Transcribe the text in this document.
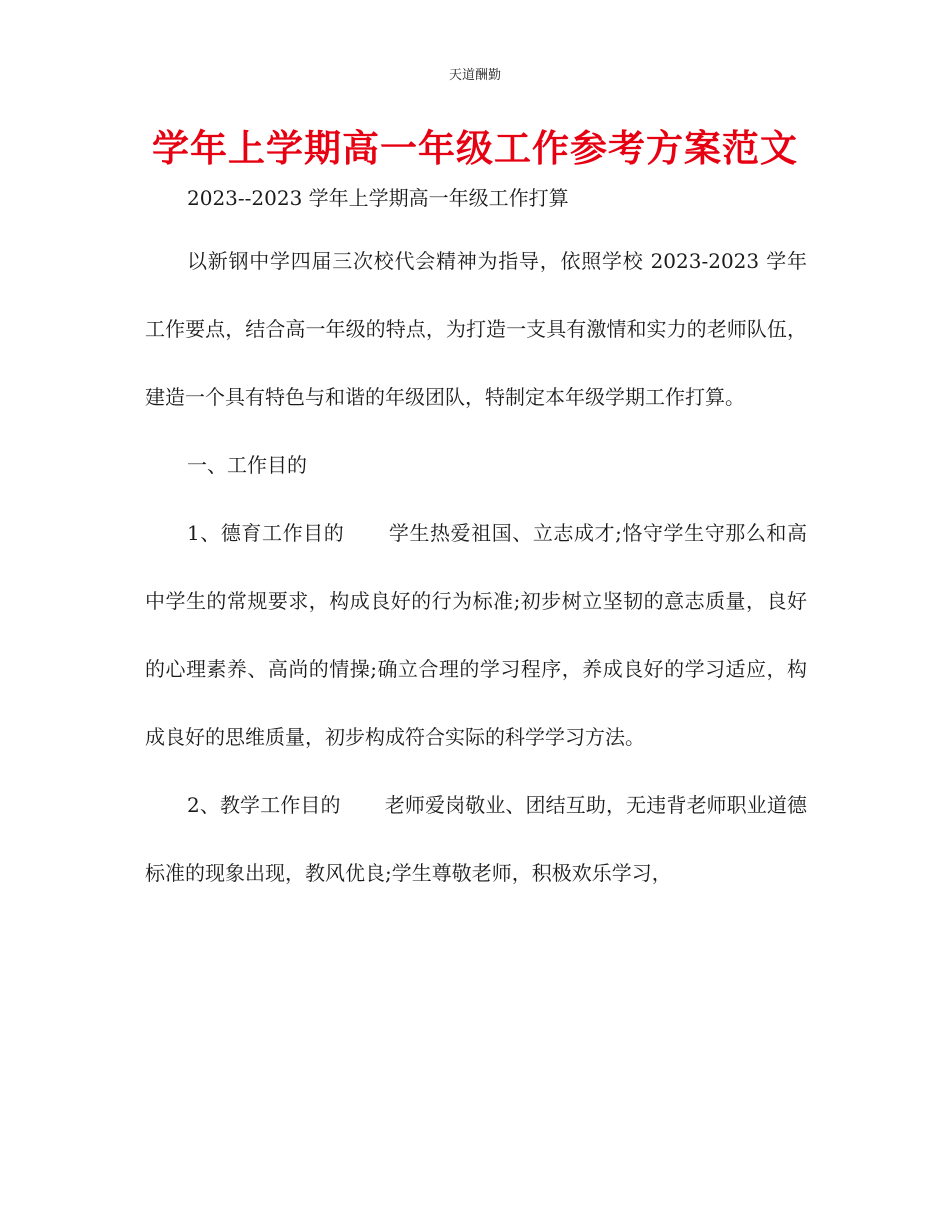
天道酬勤
学年上学期高一年级工作参考方案范文
2023--2023 学年上学期高一年级工作打算

以新钢中学四届三次校代会精神为指导，依照学校 2023-2023 学年工作要点，结合高一年级的特点，为打造一支具有激情和实力的老师队伍，建造一个具有特色与和谐的年级团队，特制定本年级学期工作打算。

一、工作目的

1、德育工作目的 学生热爱祖国、立志成才;恪守学生守那么和高中学生的常规要求，构成良好的行为标准;初步树立坚韧的意志质量，良好的心理素养、高尚的情操;确立合理的学习程序，养成良好的学习适应，构成良好的思维质量，初步构成符合实际的科学学习方法。

2、教学工作目的 老师爱岗敬业、团结互助，无违背老师职业道德标准的现象出现，教风优良;学生尊敬老师，积极欢乐学习，
